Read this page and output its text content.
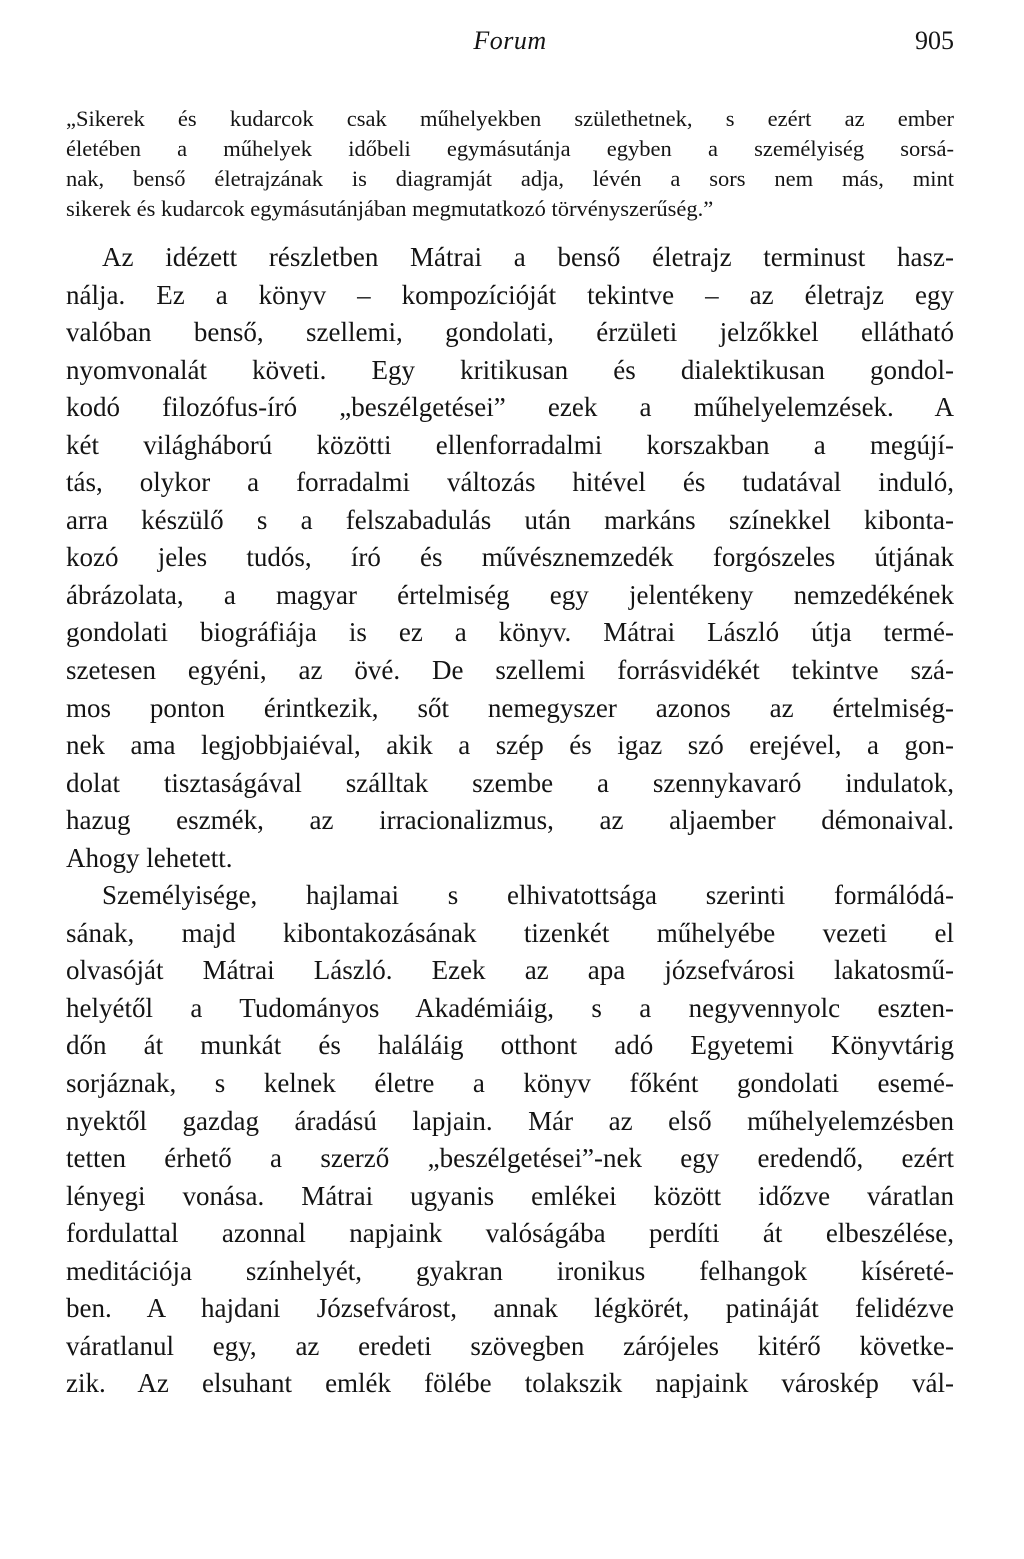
Forum	905
„Sikerek és kudarcok csak műhelyekben születhetnek, s ezért az ember
életében a műhelyek időbeli egymásutánja egyben a személyiség sorsá-
nak, benső életrajzának is diagramját adja, lévén a sors nem más, mint
sikerek és kudarcok egymásutánjában megmutatkozó törvényszerűség.”
Az idézett részletben Mátrai a benső életrajz terminust hasz-
nálja. Ez a könyv – kompozícióját tekintve – az életrajz egy
valóban benső, szellemi, gondolati, érzületi jelzőkkel ellátható
nyomvonalát követi. Egy kritikusan és dialektikusan gondol-
kodó filozófus-író „beszélgetései” ezek a műhelyelemzések. A
két világháború közötti ellenforradalmi korszakban a megújí-
tás, olykor a forradalmi változás hitével és tudatával induló,
arra készülő s a felszabadulás után markáns színekkel kibonta-
kozó jeles tudós, író és művésznemzedék forgószeles útjának
ábrázolata, a magyar értelmiség egy jelentékeny nemzedékének
gondolati biográfiája is ez a könyv. Mátrai László útja termé-
szetesen egyéni, az övé. De szellemi forrásvidékét tekintve szá-
mos ponton érintkezik, sőt nemegyszer azonos az értelmiség-
nek ama legjobbjaiéval, akik a szép és igaz szó erejével, a gon-
dolat tisztaságával szálltak szembe a szennykavaró indulatok,
hazug eszmék, az irracionalizmus, az aljaember démonaival.
Ahogy lehetett.
Személyisége, hajlamai s elhivatottsága szerinti formálódá-
sának, majd kibontakozásának tizenkét műhelyébe vezeti el
olvasóját Mátrai László. Ezek az apa józsefvárosi lakatosmű-
helyétől a Tudományos Akadémiáig, s a negyvennyolc eszten-
dőn át munkát és haláláig otthont adó Egyetemi Könyvtárig
sorjáznak, s kelnek életre a könyv főként gondolati esemé-
nyektől gazdag áradású lapjain. Már az első műhelyelemzésben
tetten érhető a szerző „beszélgetései”-nek egy eredendő, ezért
lényegi vonása. Mátrai ugyanis emlékei között időzve váratlan
fordulattal azonnal napjaink valóságába perdíti át elbeszélése,
meditációja színhelyét, gyakran ironikus felhangok kíséreté-
ben. A hajdani Józsefvárost, annak légkörét, patináját felidézve
váratlanul egy, az eredeti szövegben zárójeles kitérő követke-
zik. Az elsuhant emlék fölébe tolakszik napjaink városkép vál-
